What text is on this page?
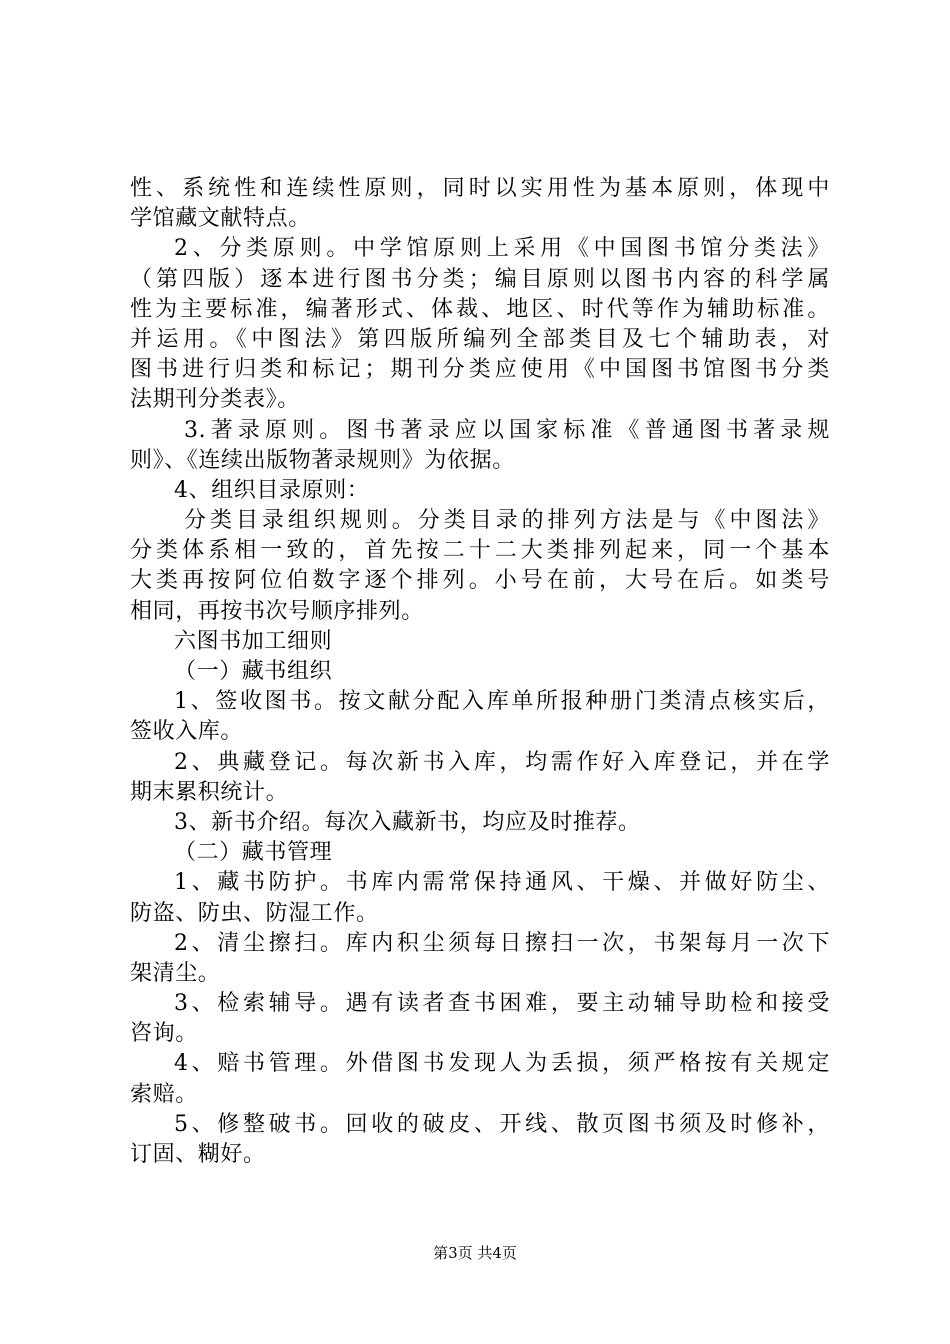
性、系统性和连续性原则，同时以实用性为基本原则，体现中
学馆藏文献特点。
2、分类原则。中学馆原则上采用《中国图书馆分类法》
（第四版）逐本进行图书分类；编目原则以图书内容的科学属
性为主要标准，编著形式、体裁、地区、时代等作为辅助标准。
并运用。《中图法》第四版所编列全部类目及七个辅助表，对
图书进行归类和标记；期刊分类应使用《中国图书馆图书分类
法期刊分类表》。
3.著录原则。图书著录应以国家标准《普通图书著录规
则》、《连续出版物著录规则》为依据。
4、组织目录原则：
分类目录组织规则。分类目录的排列方法是与《中图法》
分类体系相一致的，首先按二十二大类排列起来，同一个基本
大类再按阿位伯数字逐个排列。小号在前，大号在后。如类号
相同，再按书次号顺序排列。
六图书加工细则
（一）藏书组织
1、签收图书。按文献分配入库单所报种册门类清点核实后，
签收入库。
2、典藏登记。每次新书入库，均需作好入库登记，并在学
期末累积统计。
3、新书介绍。每次入藏新书，均应及时推荐。
（二）藏书管理
1、藏书防护。书库内需常保持通风、干燥、并做好防尘、
防盗、防虫、防湿工作。
2、清尘擦扫。库内积尘须每日擦扫一次，书架每月一次下
架清尘。
3、检索辅导。遇有读者查书困难，要主动辅导助检和接受
咨询。
4、赔书管理。外借图书发现人为丢损，须严格按有关规定
索赔。
5、修整破书。回收的破皮、开线、散页图书须及时修补，
订固、糊好。
第3页 共4页
